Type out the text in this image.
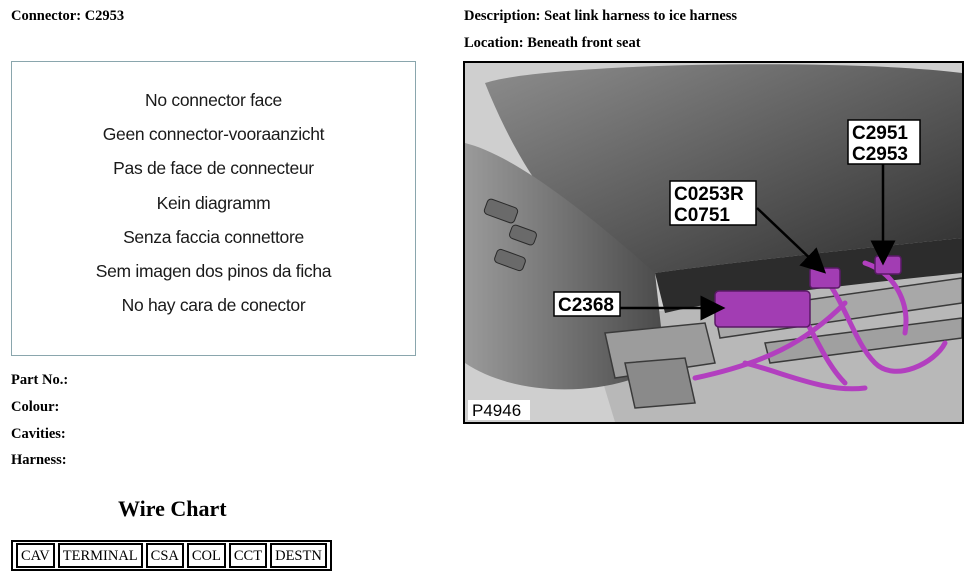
Connector: C2953	Description: Seat link harness to ice harness
Location: Beneath front seat
No connector face
Geen connector-vooraanzicht
Pas de face de connecteur
Kein diagramm
Senza faccia connettore
Sem imagen dos pinos da ficha
No hay cara de conector
Part No.:
Colour:
Cavities:
Harness:
Wire Chart
CAV	TERMINAL	CSA	COL	CCT	DESTN
C2951
C2953
C0253R
C0751
C2368
P4946
